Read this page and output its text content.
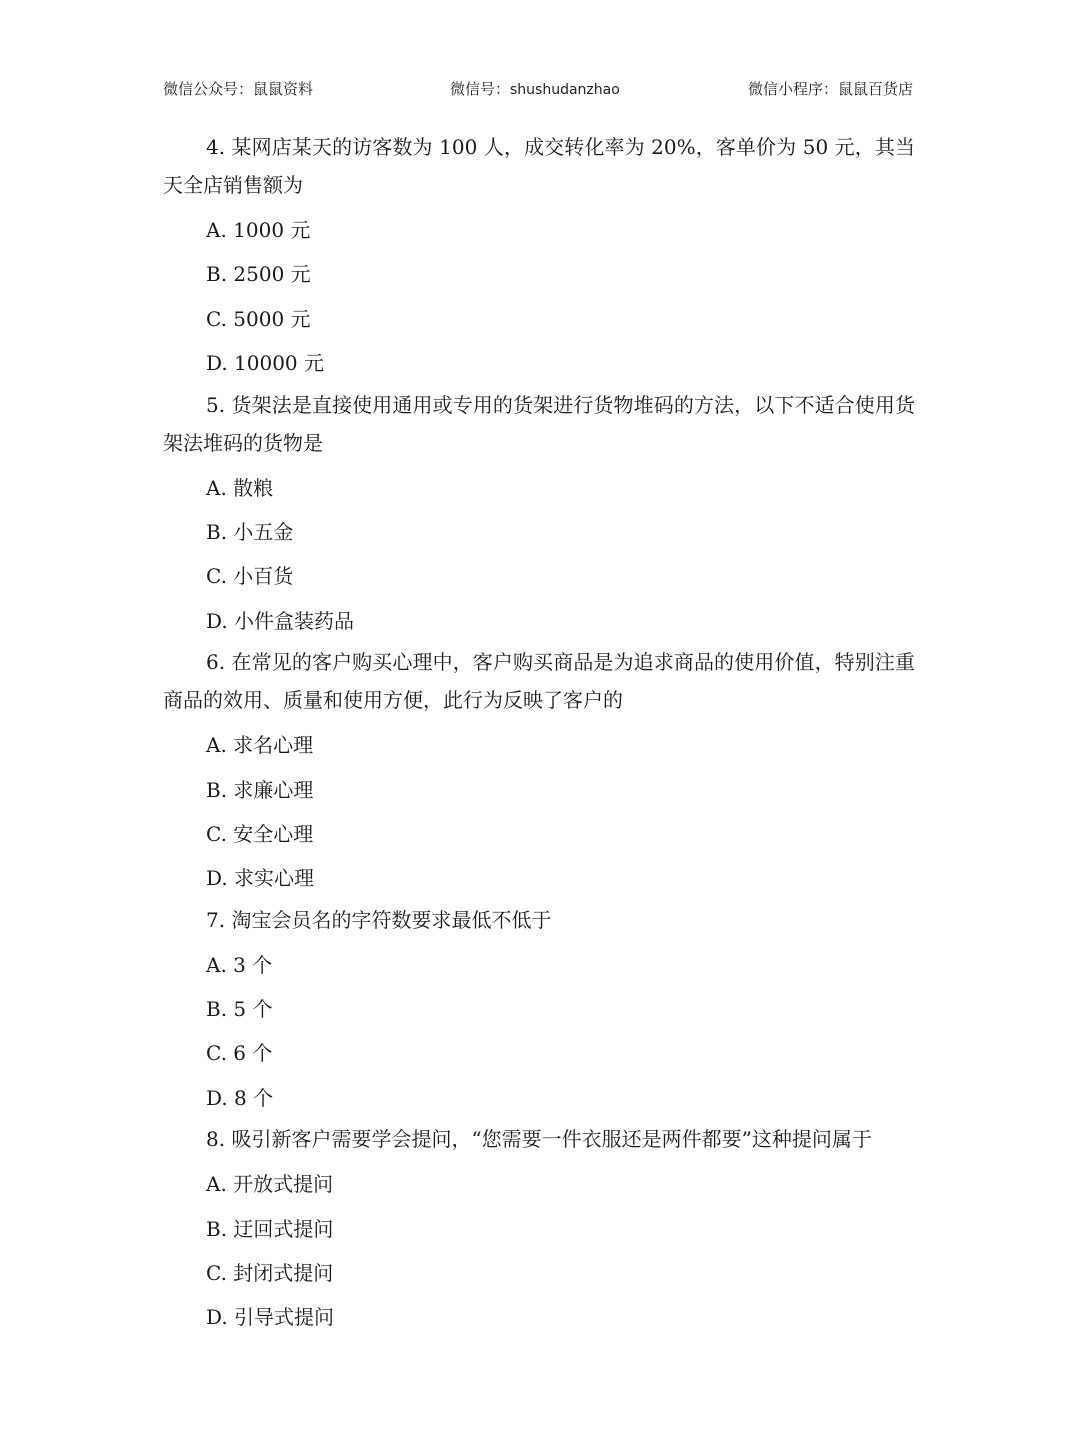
微信公众号：鼠鼠资料	微信号：shushudanzhao	微信小程序：鼠鼠百货店

4. 某网店某天的访客数为 100 人，成交转化率为 20%，客单价为 50 元，其当天全店销售额为

A. 1000 元
B. 2500 元
C. 5000 元
D. 10000 元

5. 货架法是直接使用通用或专用的货架进行货物堆码的方法，以下不适合使用货架法堆码的货物是

A. 散粮
B. 小五金
C. 小百货
D. 小件盒装药品

6. 在常见的客户购买心理中，客户购买商品是为追求商品的使用价值，特别注重商品的效用、质量和使用方便，此行为反映了客户的

A. 求名心理
B. 求廉心理
C. 安全心理
D. 求实心理

7. 淘宝会员名的字符数要求最低不低于

A. 3 个
B. 5 个
C. 6 个
D. 8 个

8. 吸引新客户需要学会提问，“您需要一件衣服还是两件都要”这种提问属于

A. 开放式提问
B. 迂回式提问
C. 封闭式提问
D. 引导式提问
